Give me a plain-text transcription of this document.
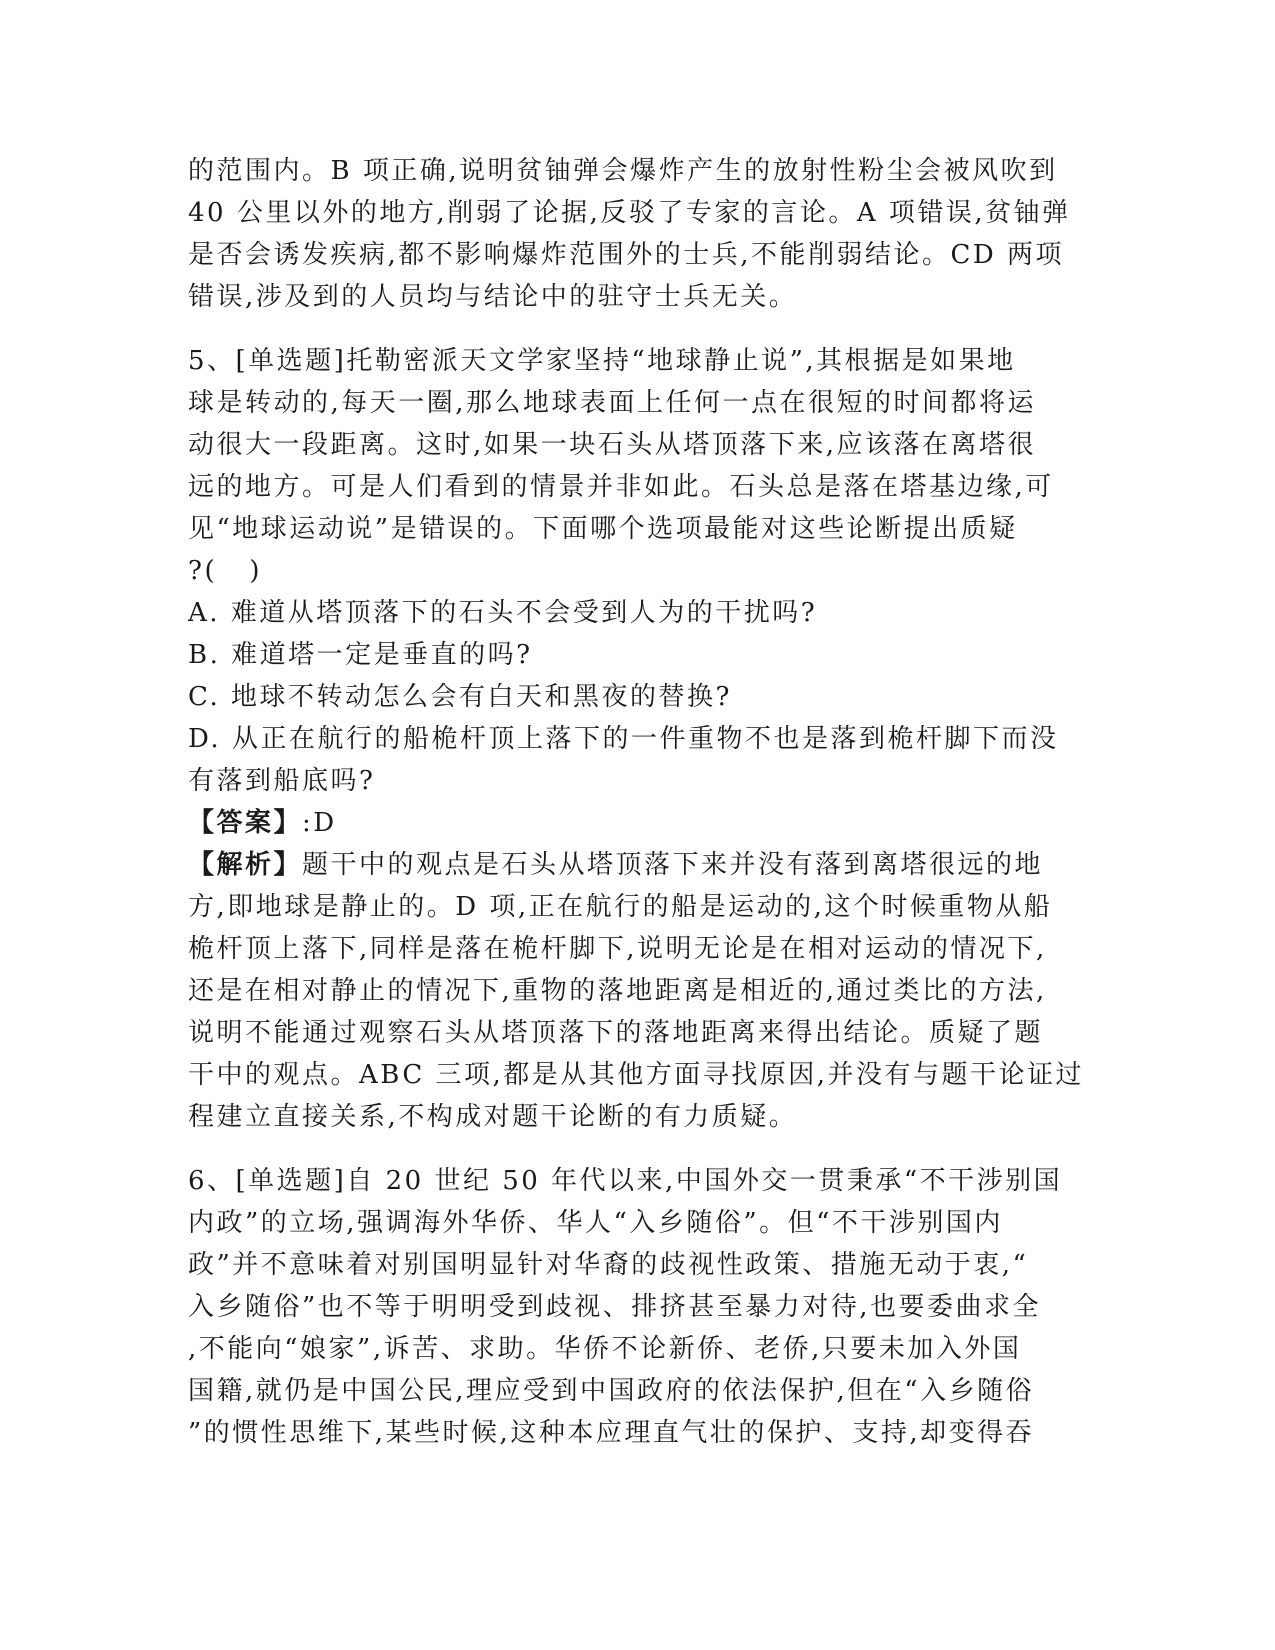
的范围内。B 项正确,说明贫铀弹会爆炸产生的放射性粉尘会被风吹到
40 公里以外的地方,削弱了论据,反驳了专家的言论。A 项错误,贫铀弹
是否会诱发疾病,都不影响爆炸范围外的士兵,不能削弱结论。CD 两项
错误,涉及到的人员均与结论中的驻守士兵无关。
5、[单选题]托勒密派天文学家坚持“地球静止说”,其根据是如果地
球是转动的,每天一圈,那么地球表面上任何一点在很短的时间都将运
动很大一段距离。这时,如果一块石头从塔顶落下来,应该落在离塔很
远的地方。可是人们看到的情景并非如此。石头总是落在塔基边缘,可
见“地球运动说”是错误的。下面哪个选项最能对这些论断提出质疑
?(   )
A. 难道从塔顶落下的石头不会受到人为的干扰吗?
B. 难道塔一定是垂直的吗?
C. 地球不转动怎么会有白天和黑夜的替换?
D. 从正在航行的船桅杆顶上落下的一件重物不也是落到桅杆脚下而没
有落到船底吗?
【答案】:D
【解析】题干中的观点是石头从塔顶落下来并没有落到离塔很远的地
方,即地球是静止的。D 项,正在航行的船是运动的,这个时候重物从船
桅杆顶上落下,同样是落在桅杆脚下,说明无论是在相对运动的情况下,
还是在相对静止的情况下,重物的落地距离是相近的,通过类比的方法,
说明不能通过观察石头从塔顶落下的落地距离来得出结论。质疑了题
干中的观点。ABC 三项,都是从其他方面寻找原因,并没有与题干论证过
程建立直接关系,不构成对题干论断的有力质疑。
6、[单选题]自 20 世纪 50 年代以来,中国外交一贯秉承“不干涉别国
内政”的立场,强调海外华侨、华人“入乡随俗”。但“不干涉别国内
政”并不意味着对别国明显针对华裔的歧视性政策、措施无动于衷,“
入乡随俗”也不等于明明受到歧视、排挤甚至暴力对待,也要委曲求全
,不能向“娘家”,诉苦、求助。华侨不论新侨、老侨,只要未加入外国
国籍,就仍是中国公民,理应受到中国政府的依法保护,但在“入乡随俗
”的惯性思维下,某些时候,这种本应理直气壮的保护、支持,却变得吞
